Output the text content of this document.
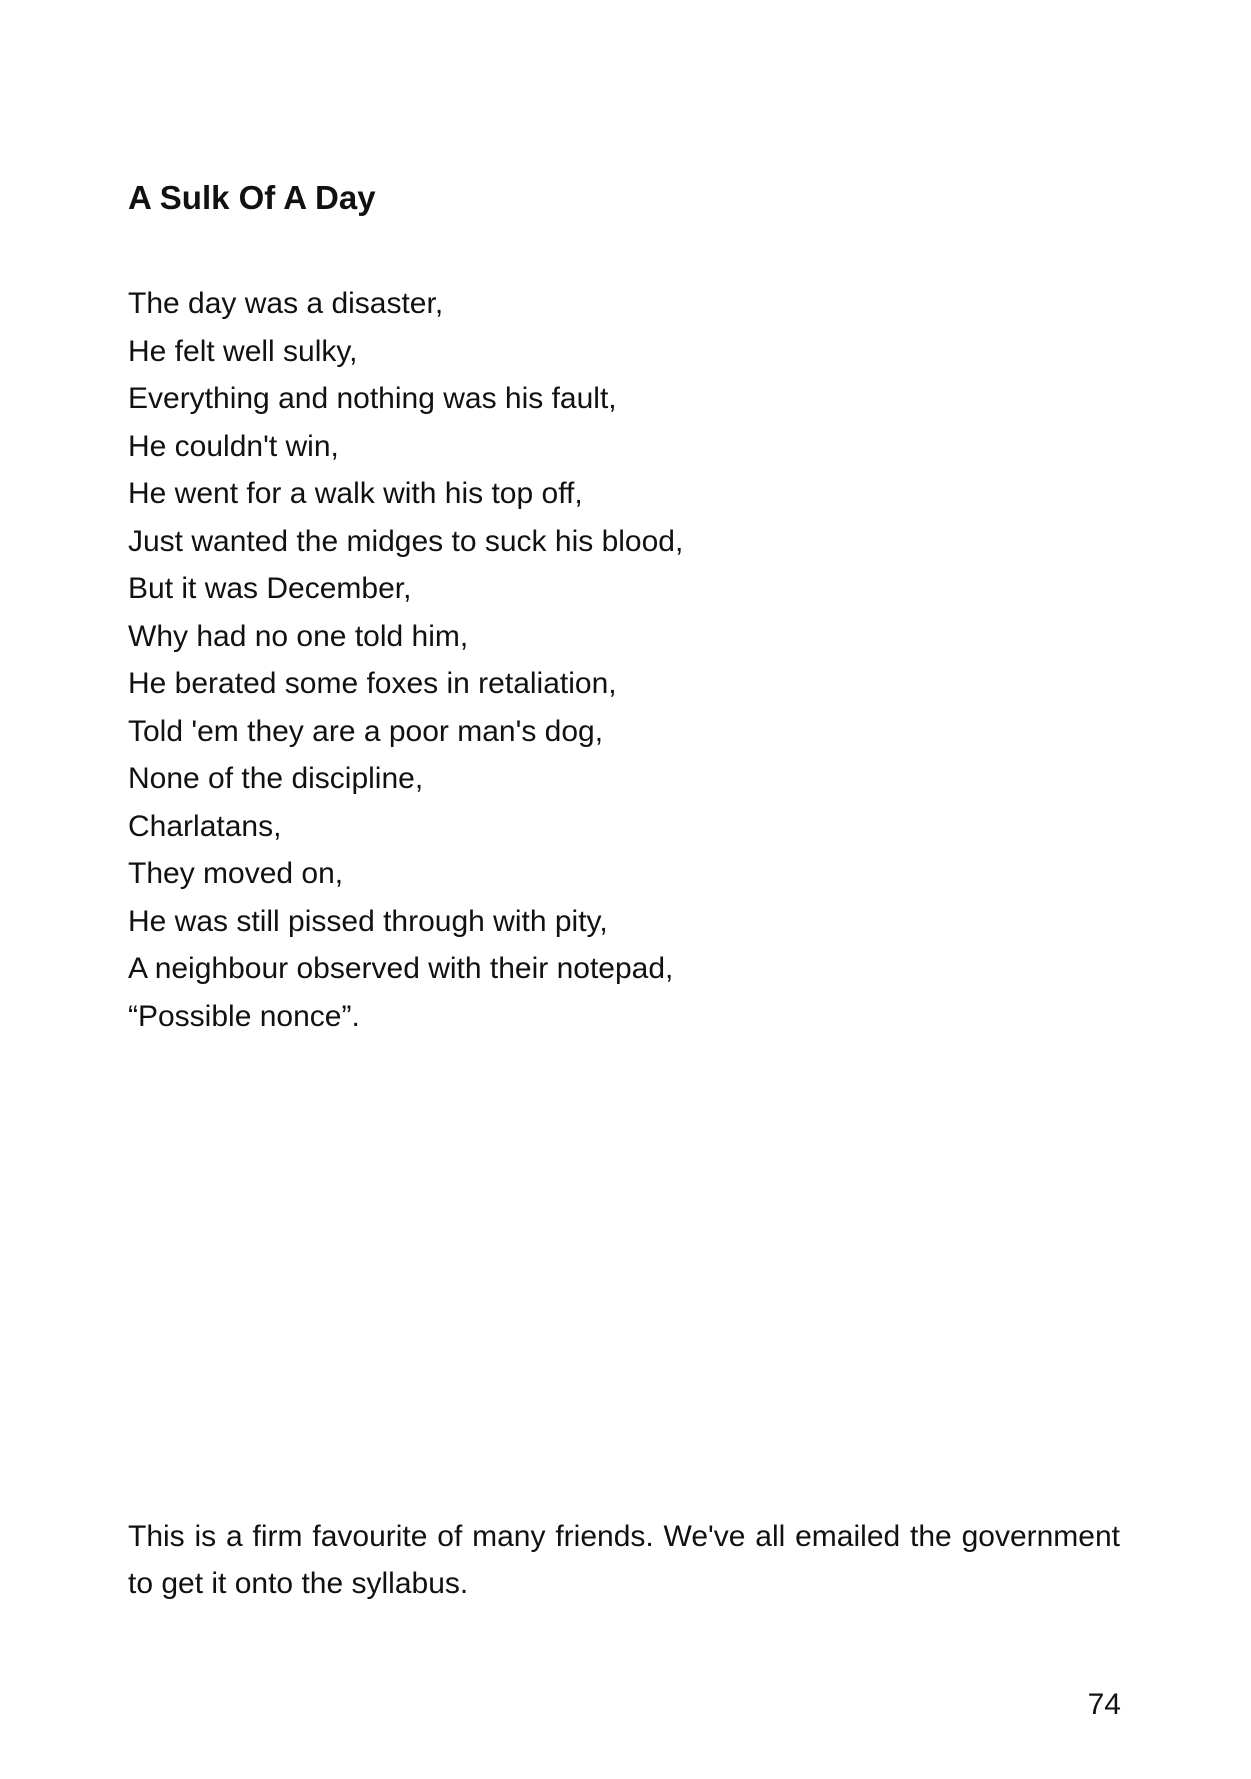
A Sulk Of A Day
The day was a disaster,
He felt well sulky,
Everything and nothing was his fault,
He couldn't win,
He went for a walk with his top off,
Just wanted the midges to suck his blood,
But it was December,
Why had no one told him,
He berated some foxes in retaliation,
Told 'em they are a poor man's dog,
None of the discipline,
Charlatans,
They moved on,
He was still pissed through with pity,
A neighbour observed with their notepad,
“Possible nonce”.

This is a firm favourite of many friends. We've all emailed the government to get it onto the syllabus.

74
